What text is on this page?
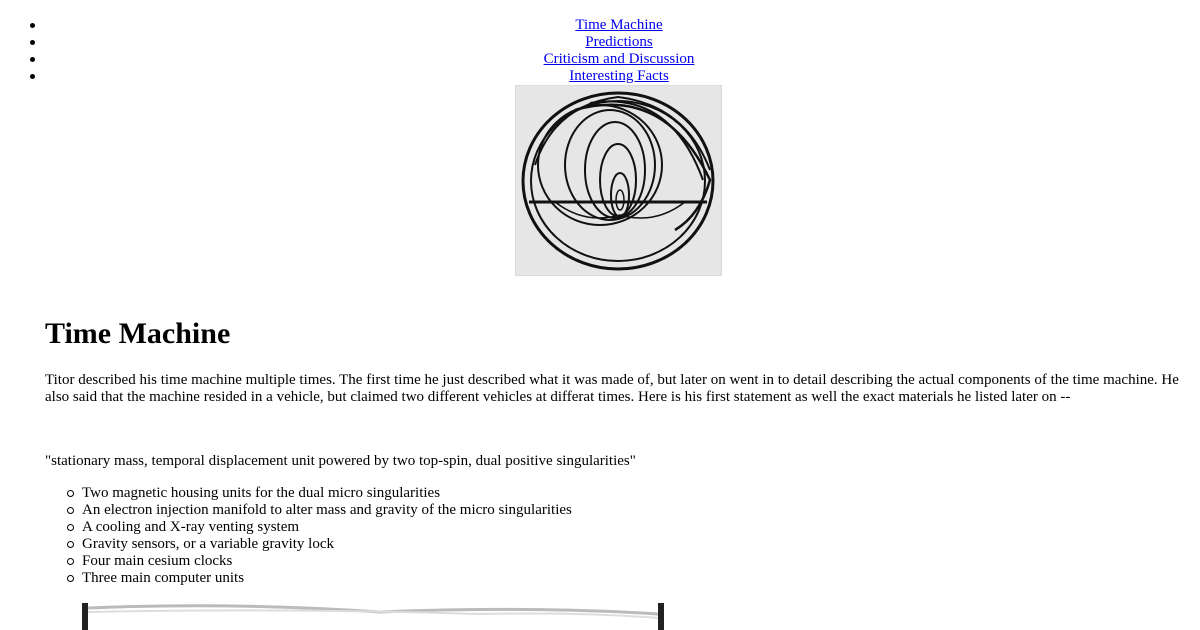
Time Machine
Predictions
Criticism and Discussion
Interesting Facts
Time Machine

Titor described his time machine multiple times. The first time he just described what it was made of, but later on went in to detail describing the actual components of the time machine. He also said that the machine resided in a vehicle, but claimed two different vehicles at differat times. Here is his first statement as well the exact materials he listed later on --

"stationary mass, temporal displacement unit powered by two top-spin, dual positive singularities"

Two magnetic housing units for the dual micro singularities
An electron injection manifold to alter mass and gravity of the micro singularities
A cooling and X-ray venting system
Gravity sensors, or a variable gravity lock
Four main cesium clocks
Three main computer units
